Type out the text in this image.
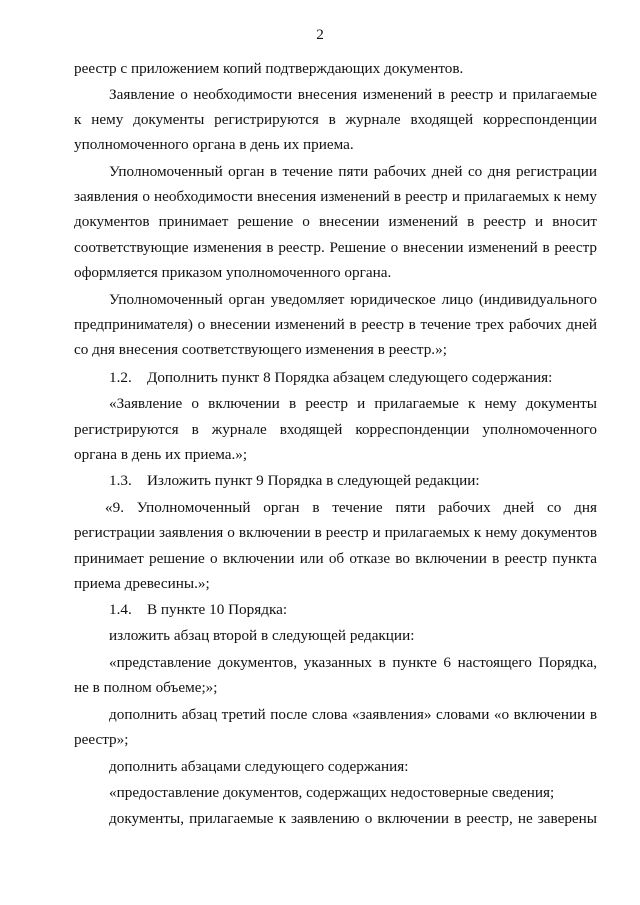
2
реестр с приложением копий подтверждающих документов.
Заявление о необходимости внесения изменений в реестр и прилагаемые
к нему документы регистрируются в журнале входящей корреспонденции
уполномоченного органа в день их приема.
Уполномоченный орган в течение пяти рабочих дней со дня регистрации
заявления о необходимости внесения изменений в реестр и прилагаемых к нему
документов принимает решение о внесении изменений в реестр и вносит
соответствующие изменения в реестр. Решение о внесении изменений в реестр
оформляется приказом уполномоченного органа.
Уполномоченный орган уведомляет юридическое лицо (индивидуального
предпринимателя) о внесении изменений в реестр в течение трех рабочих дней
со дня внесения соответствующего изменения в реестр.»;
1.2. Дополнить пункт 8 Порядка абзацем следующего содержания:
«Заявление о включении в реестр и прилагаемые к нему документы
регистрируются в журнале входящей корреспонденции уполномоченного
органа в день их приема.»;
1.3. Изложить пункт 9 Порядка в следующей редакции:
«9. Уполномоченный орган в течение пяти рабочих дней со дня
регистрации заявления о включении в реестр и прилагаемых к нему документов
принимает решение о включении или об отказе во включении в реестр пункта
приема древесины.»;
1.4. В пункте 10 Порядка:
изложить абзац второй в следующей редакции:
«представление документов, указанных в пункте 6 настоящего Порядка,
не в полном объеме;»;
дополнить абзац третий после слова «заявления» словами «о включении в
реестр»;
дополнить абзацами следующего содержания:
«предоставление документов, содержащих недостоверные сведения;
документы, прилагаемые к заявлению о включении в реестр, не заверены
